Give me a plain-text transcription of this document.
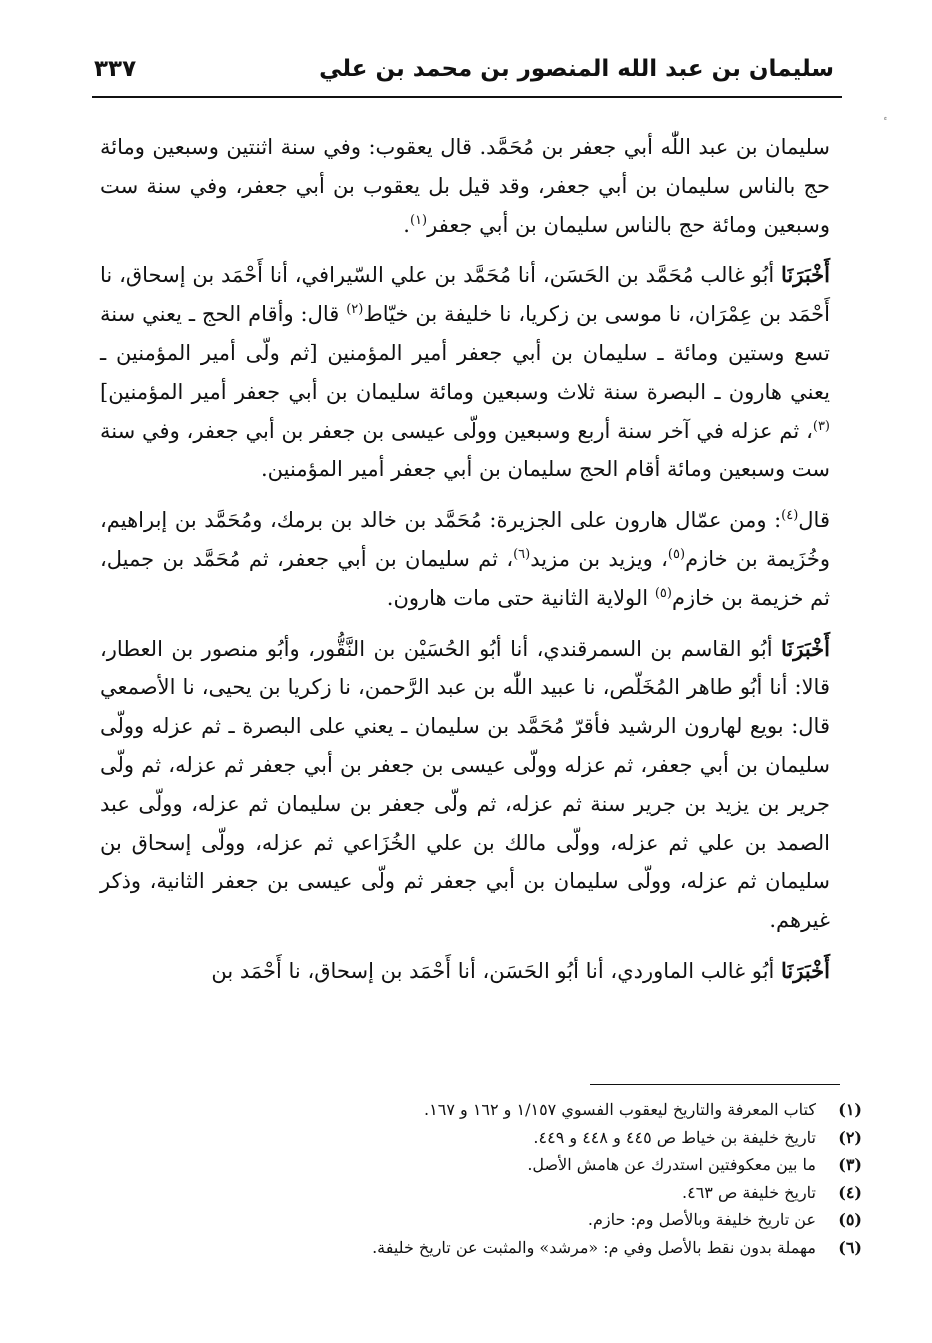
سليمان بن عبد الله المنصور بن محمد بن علي
٣٣٧

سليمان بن عبد اللّٰه أبي جعفر بن مُحَمَّد. قال يعقوب: وفي سنة اثنتين وسبعين ومائة حج بالناس سليمان بن أبي جعفر، وقد قيل بل يعقوب بن أبي جعفر، وفي سنة ست وسبعين ومائة حج بالناس سليمان بن أبي جعفر$^{(١)}$.

أَخْبَرَنَا أبُو غالب مُحَمَّد بن الحَسَن، أنا مُحَمَّد بن علي السّيرافي، أنا أَحْمَد بن إسحاق، نا أَحْمَد بن عِمْرَان، نا موسى بن زكريا، نا خليفة بن خيّاط$^{(٢)}$ قال: وأقام الحج ـ يعني سنة تسع وستين ومائة ـ سليمان بن أبي جعفر أمير المؤمنين [ثم ولّى أمير المؤمنين ـ يعني هارون ـ البصرة سنة ثلاث وسبعين ومائة سليمان بن أبي جعفر أمير المؤمنين]$^{(٣)}$، ثم عزله في آخر سنة أربع وسبعين وولّى عيسى بن جعفر بن أبي جعفر، وفي سنة ست وسبعين ومائة أقام الحج سليمان بن أبي جعفر أمير المؤمنين.

قال$^{(٤)}$: ومن عمّال هارون على الجزيرة: مُحَمَّد بن خالد بن برمك، ومُحَمَّد بن إبراهيم، وخُزَيمة بن خازم$^{(٥)}$، ويزيد بن مزيد$^{(٦)}$، ثم سليمان بن أبي جعفر، ثم مُحَمَّد بن جميل، ثم خزيمة بن خازم$^{(٥)}$ الولاية الثانية حتى مات هارون.

أَخْبَرَنَا أبُو القاسم بن السمرقندي، أنا أبُو الحُسَيْن بن النَّقُّور، وأبُو منصور بن العطار، قالا: أنا أبُو طاهر المُخَلّص، نا عبيد اللّٰه بن عبد الرَّحمن، نا زكريا بن يحيى، نا الأصمعي قال: بويع لهارون الرشيد فأقرّ مُحَمَّد بن سليمان ـ يعني على البصرة ـ ثم عزله وولّى سليمان بن أبي جعفر، ثم عزله وولّى عيسى بن جعفر بن أبي جعفر ثم عزله، ثم ولّى جرير بن يزيد بن جرير سنة ثم عزله، ثم ولّى جعفر بن سليمان ثم عزله، وولّى عبد الصمد بن علي ثم عزله، وولّى مالك بن علي الخُزَاعي ثم عزله، وولّى إسحاق بن سليمان ثم عزله، وولّى سليمان بن أبي جعفر ثم ولّى عيسى بن جعفر الثانية، وذكر غيرهم.

أَخْبَرَنَا أبُو غالب الماوردي، أنا أبُو الحَسَن، أنا أَحْمَد بن إسحاق، نا أَحْمَد بن

(١)
كتاب المعرفة والتاريخ ليعقوب الفسوي ١/١٥٧ و ١٦٢ و ١٦٧.
(٢)
تاريخ خليفة بن خياط ص ٤٤٥ و ٤٤٨ و ٤٤٩.
(٣)
ما بين معكوفتين استدرك عن هامش الأصل.
(٤)
تاريخ خليفة ص ٤٦٣.
(٥)
عن تاريخ خليفة وبالأصل وم: حازم.
(٦)
مهملة بدون نقط بالأصل وفي م: «مرشد» والمثبت عن تاريخ خليفة.
